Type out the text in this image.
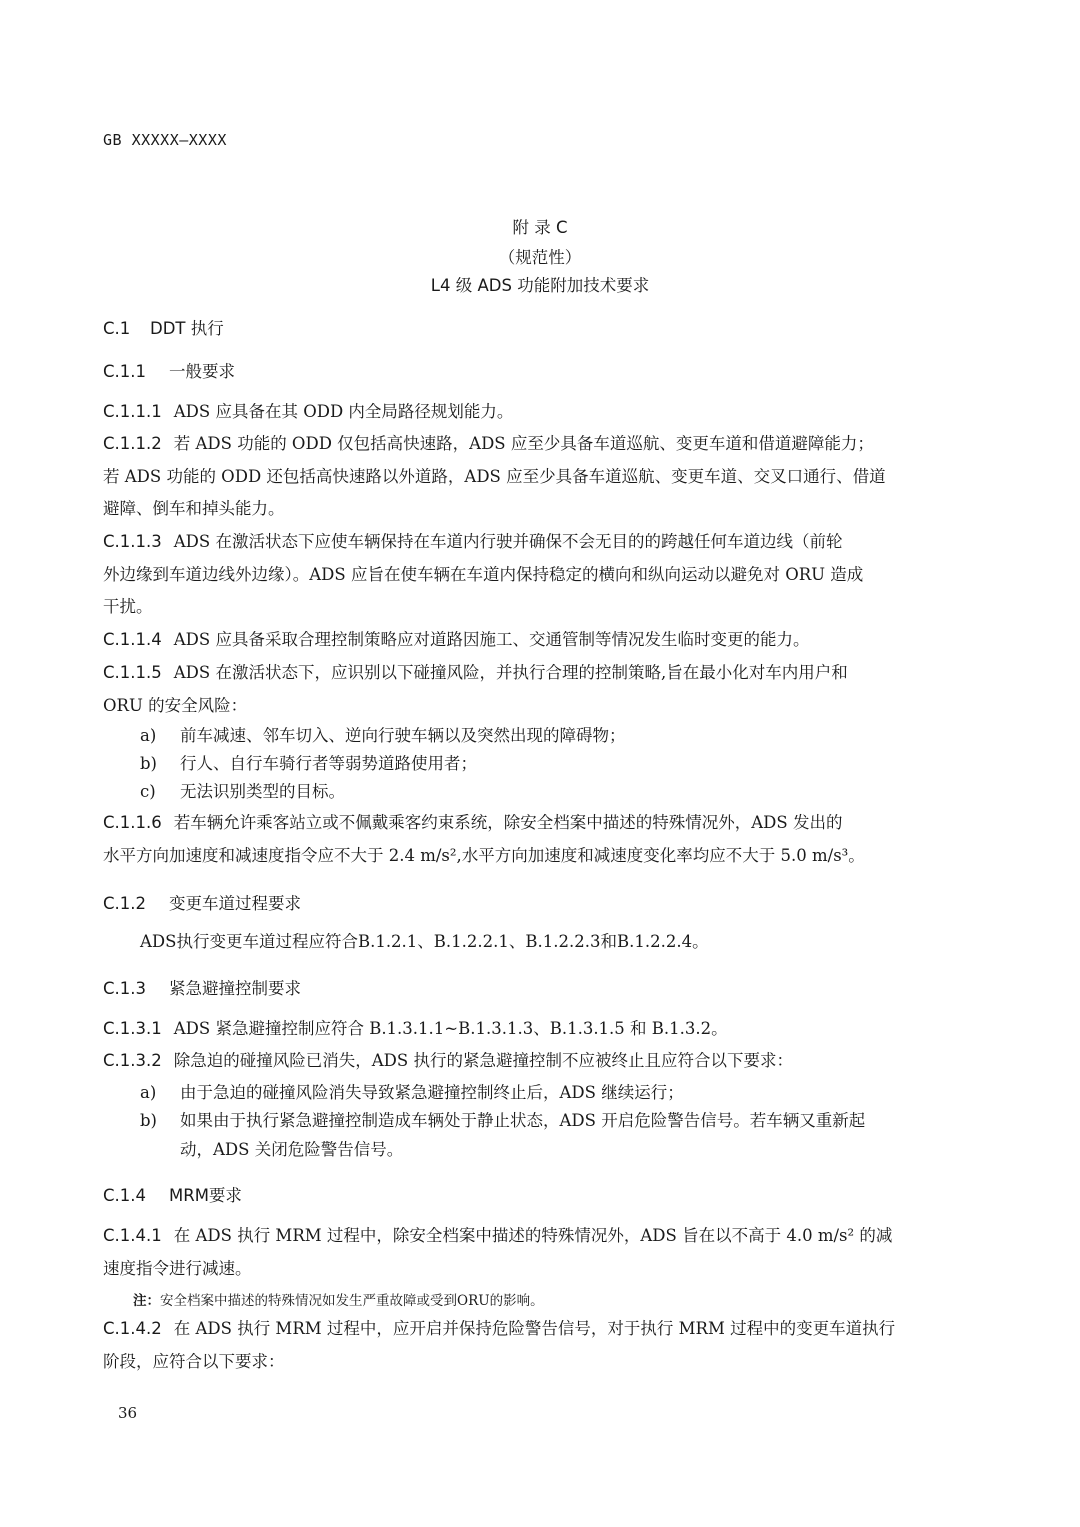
GB XXXXX—XXXX
附 录 C
（规范性）
L4 级 ADS 功能附加技术要求
C.1 DDT 执行
C.1.1 一般要求
C.1.1.1 ADS 应具备在其 ODD 内全局路径规划能力。
C.1.1.2 若 ADS 功能的 ODD 仅包括高快速路，ADS 应至少具备车道巡航、变更车道和借道避障能力；
若 ADS 功能的 ODD 还包括高快速路以外道路，ADS 应至少具备车道巡航、变更车道、交叉口通行、借道
避障、倒车和掉头能力。
C.1.1.3 ADS 在激活状态下应使车辆保持在车道内行驶并确保不会无目的的跨越任何车道边线（前轮
外边缘到车道边线外边缘）。ADS 应旨在使车辆在车道内保持稳定的横向和纵向运动以避免对 ORU 造成
干扰。
C.1.1.4 ADS 应具备采取合理控制策略应对道路因施工、交通管制等情况发生临时变更的能力。
C.1.1.5 ADS 在激活状态下，应识别以下碰撞风险，并执行合理的控制策略,旨在最小化对车内用户和
ORU 的安全风险：
a) 前车减速、邻车切入、逆向行驶车辆以及突然出现的障碍物；
b) 行人、自行车骑行者等弱势道路使用者；
c) 无法识别类型的目标。
C.1.1.6 若车辆允许乘客站立或不佩戴乘客约束系统，除安全档案中描述的特殊情况外，ADS 发出的
水平方向加速度和减速度指令应不大于 2.4 m/s²,水平方向加速度和减速度变化率均应不大于 5.0 m/s³。
C.1.2 变更车道过程要求
ADS执行变更车道过程应符合B.1.2.1、B.1.2.2.1、B.1.2.2.3和B.1.2.2.4。
C.1.3 紧急避撞控制要求
C.1.3.1 ADS 紧急避撞控制应符合 B.1.3.1.1~B.1.3.1.3、B.1.3.1.5 和 B.1.3.2。
C.1.3.2 除急迫的碰撞风险已消失，ADS 执行的紧急避撞控制不应被终止且应符合以下要求：
a) 由于急迫的碰撞风险消失导致紧急避撞控制终止后，ADS 继续运行；
b) 如果由于执行紧急避撞控制造成车辆处于静止状态，ADS 开启危险警告信号。若车辆又重新起
动，ADS 关闭危险警告信号。
C.1.4 MRM要求
C.1.4.1 在 ADS 执行 MRM 过程中，除安全档案中描述的特殊情况外，ADS 旨在以不高于 4.0 m/s² 的减
速度指令进行减速。
注：安全档案中描述的特殊情况如发生严重故障或受到ORU的影响。
C.1.4.2 在 ADS 执行 MRM 过程中，应开启并保持危险警告信号，对于执行 MRM 过程中的变更车道执行
阶段，应符合以下要求：
36
